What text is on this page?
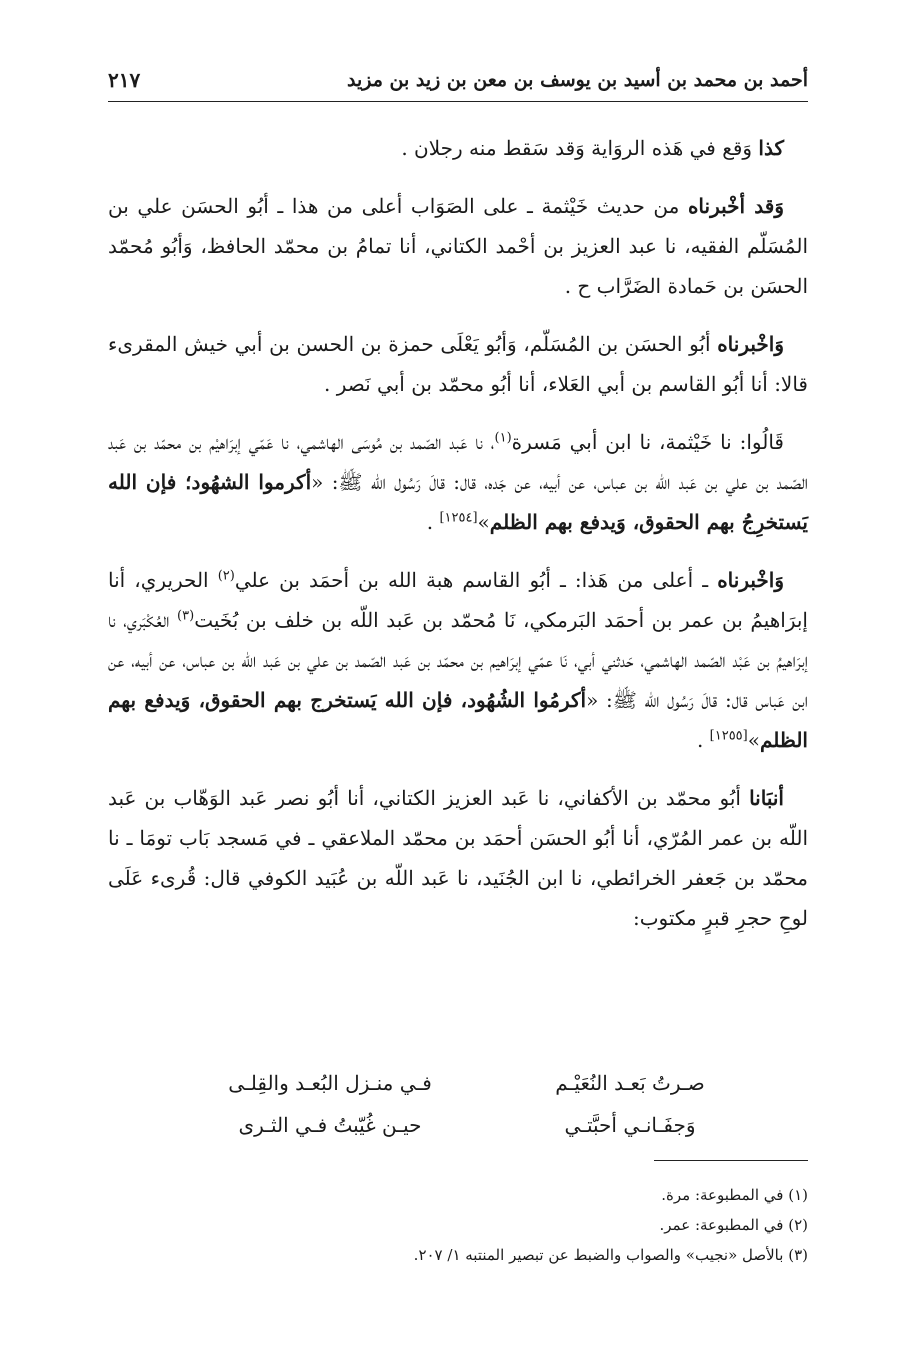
أحمد بن محمد بن أسيد بن يوسف بن معن بن زيد بن مزيد
٢١٧

كذا وَقع في هَذه الروَاية وَقد سَقط منه رجلان .

وَقد أخْبرناه من حديث خَيْثمة ـ على الصَوَاب أعلى من هذا ـ أبُو الحسَن علي بن المُسَلّم الفقيه، نا عبد العزيز بن أحْمد الكتاني، أنا تمامُ بن محمّد الحافظ، وَأبُو مُحمّد الحسَن بن حَمادة الضَرَّاب ح .

وَاخْبرناه أبُو الحسَن بن المُسَلّم، وَأبُو يَعْلَى حمزة بن الحسن بن أبي خيش المقرىء قالا: أنا أبُو القاسم بن أبي العَلاء، أنا أبُو محمّد بن أبي نَصر .

قَالُوا: نا خَيْثمة، نا ابن أبي مَسرة$^{(١)}$، نا عَبد الصّمد بن مُوسَى الهاشمي، نا عَمّي إبرَاهيْم بن محمّد بن عَبد الصّمد بن علي بن عَبد اللّه بن عباس، عن أبيه، عن جَده، قال: قالَ رَسُول الله ﷺ: «أكرموا الشهُود؛ فإن الله يَستخرِجُ بهم الحقوق، وَيدفع بهم الظلم»[١٢٥٤] .

وَاخْبرناه ـ أعلى من هَذا: ـ أبُو القاسم هبة الله بن أحمَد بن علي$^{(٢)}$ الحريري، أنا إبرَاهيمُ بن عمر بن أحمَد البَرمكي، نَا مُحمّد بن عَبد اللّه بن خلف بن بُخَيت$^{(٣)}$ العُكْبَري، نا إبرَاهيمُ بن عَبْد الصّمد الهاشمي، حَدثني أبي، نَا عمّي إبرَاهيم بن محمّد بن عَبد الصّمد بن علي بن عَبد اللّه بن عباس، عن أبيه، عن ابن عَباس قال: قالَ رَسُول الله ﷺ: «أكرمُوا الشُهُود، فإن الله يَستخرج بهم الحقوق، وَيدفع بهم الظلم»[١٢٥٥] .

أنبَانا أبُو محمّد بن الأكفاني، نا عَبد العزيز الكتاني، أنا أبُو نصر عَبد الوَهّاب بن عَبد اللّه بن عمر المُرّي، أنا أبُو الحسَن أحمَد بن محمّد الملاعقي ـ في مَسجد بَاب تومَا ـ نا محمّد بن جَعفر الخرائطي، نا ابن الجُنَيد، نا عَبد اللّه بن عُبَيد الكوفي قال: قُرىء عَلَى لوحِ حجرِ قبرٍ مكتوب:

صـرتُ بَعـد النُعَيْـم
فـي منـزل البُعـد والقِلـى
وَجفَـانـي أحبَّتـي
حيـن غُيّبتُ فـي الثـرى
(١) في المطبوعة: مرة.
(٢) في المطبوعة: عمر.
(٣) بالأصل «نجيب» والصواب والضبط عن تبصير المنتبه ١/ ٢٠٧.
